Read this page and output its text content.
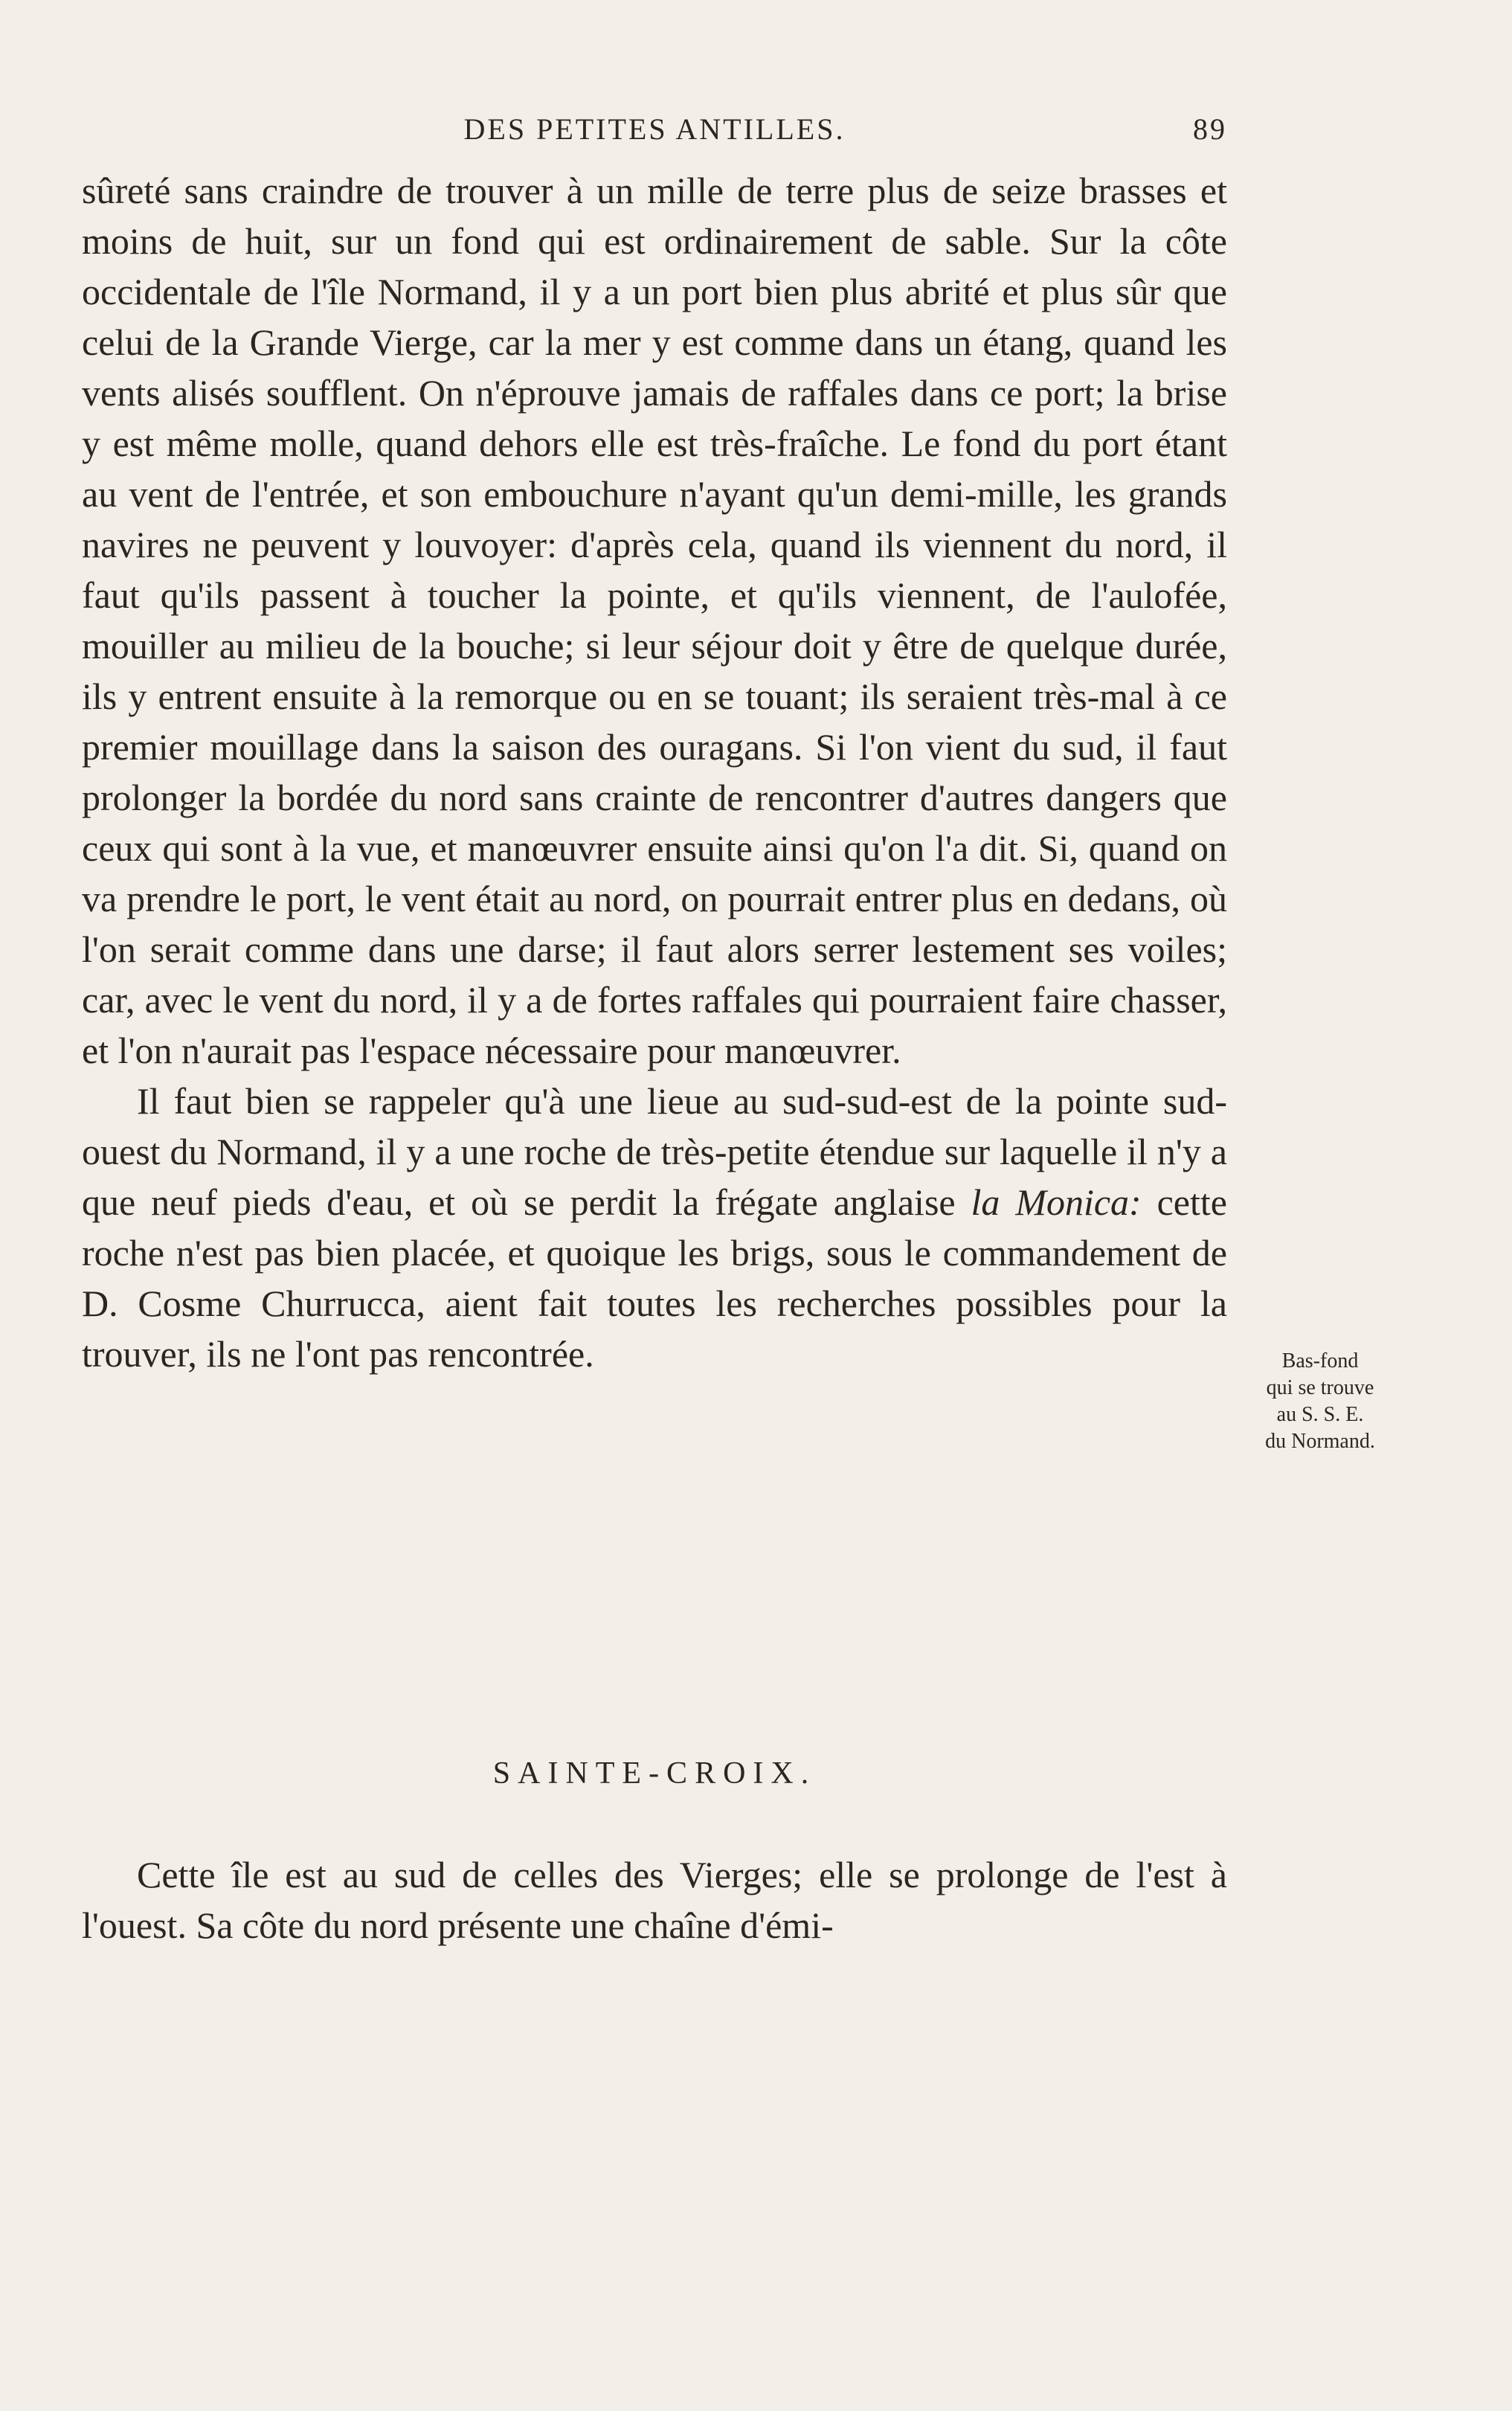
DES PETITES ANTILLES.	89

sûreté sans craindre de trouver à un mille de terre plus de seize brasses et moins de huit, sur un fond qui est ordinairement de sable. Sur la côte occidentale de l'île Normand, il y a un port bien plus abrité et plus sûr que celui de la Grande Vierge, car la mer y est comme dans un étang, quand les vents alisés soufflent. On n'éprouve jamais de raffales dans ce port; la brise y est même molle, quand dehors elle est très-fraîche. Le fond du port étant au vent de l'entrée, et son embouchure n'ayant qu'un demi-mille, les grands navires ne peuvent y louvoyer: d'après cela, quand ils viennent du nord, il faut qu'ils passent à toucher la pointe, et qu'ils viennent, de l'aulofée, mouiller au milieu de la bouche; si leur séjour doit y être de quelque durée, ils y entrent ensuite à la remorque ou en se touant; ils seraient très-mal à ce premier mouillage dans la saison des ouragans. Si l'on vient du sud, il faut prolonger la bordée du nord sans crainte de rencontrer d'autres dangers que ceux qui sont à la vue, et manœuvrer ensuite ainsi qu'on l'a dit. Si, quand on va prendre le port, le vent était au nord, on pourrait entrer plus en dedans, où l'on serait comme dans une darse; il faut alors serrer lestement ses voiles; car, avec le vent du nord, il y a de fortes raffales qui pourraient faire chasser, et l'on n'aurait pas l'espace nécessaire pour manœuvrer.

Il faut bien se rappeler qu'à une lieue au sud-sud-est de la pointe sud-ouest du Normand, il y a une roche de très-petite étendue sur laquelle il n'y a que neuf pieds d'eau, et où se perdit la frégate anglaise la Monica: cette roche n'est pas bien placée, et quoique les brigs, sous le commandement de D. Cosme Churrucca, aient fait toutes les recherches possibles pour la trouver, ils ne l'ont pas rencontrée.	Bas-fond
qui se trouve
au S. S. E.
du Normand.
SAINTE-CROIX.

Cette île est au sud de celles des Vierges; elle se prolonge de l'est à l'ouest. Sa côte du nord présente une chaîne d'émi-
